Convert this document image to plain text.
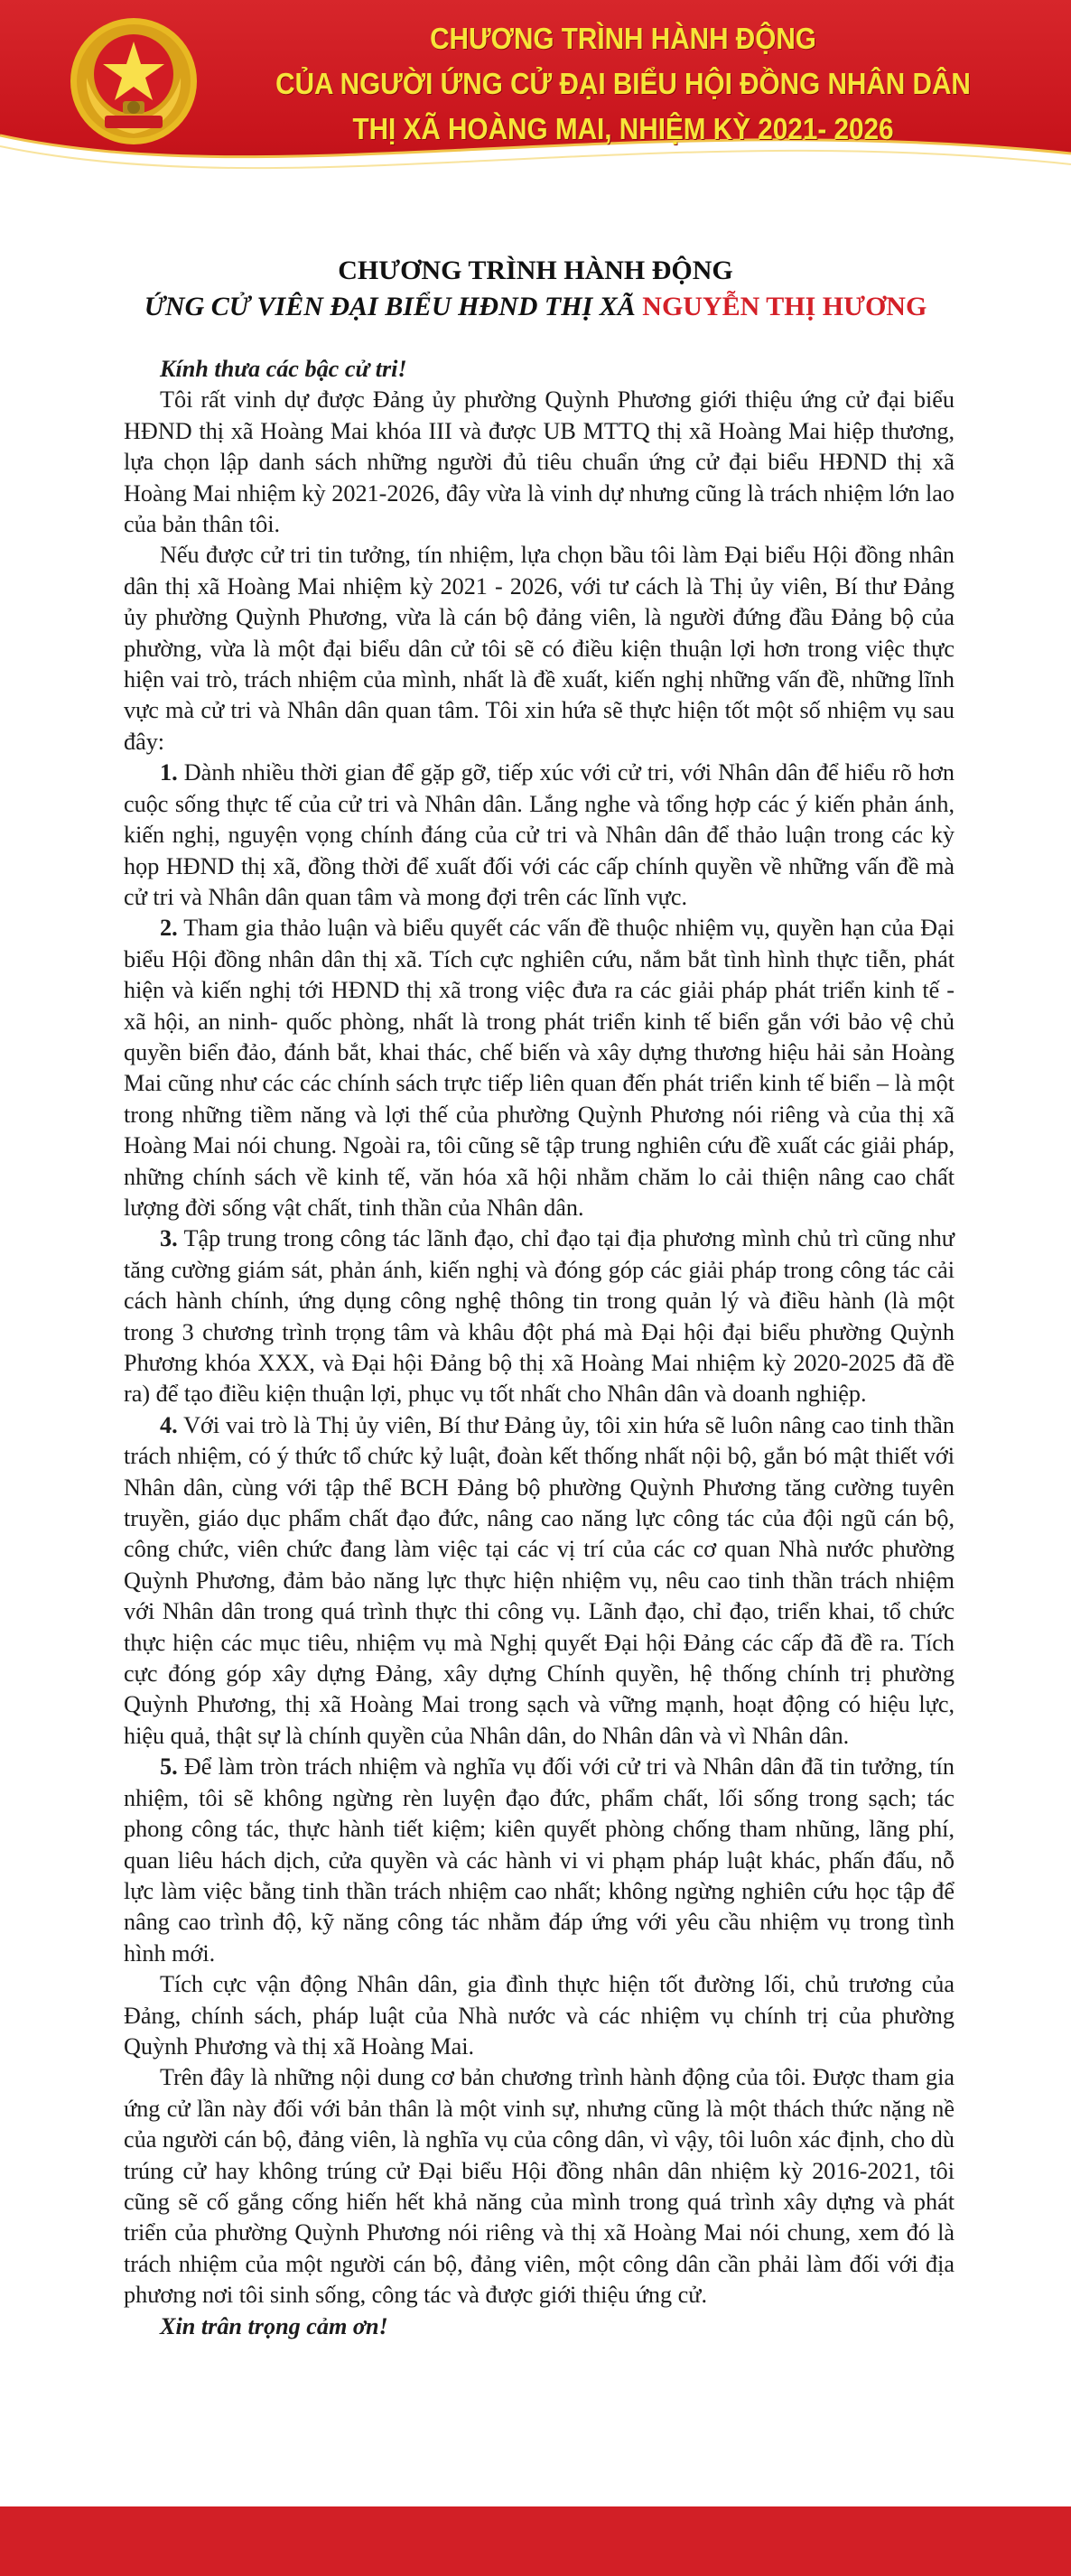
CHƯƠNG TRÌNH HÀNH ĐỘNG
CỦA NGƯỜI ỨNG CỬ ĐẠI BIỂU HỘI ĐỒNG NHÂN DÂN
THỊ XÃ HOÀNG MAI, NHIỆM KỲ 2021- 2026
CHƯƠNG TRÌNH HÀNH ĐỘNG
ỨNG CỬ VIÊN ĐẠI BIỂU HĐND THỊ XÃ NGUYỄN THỊ HƯƠNG

Kính thưa các bậc cử tri!

Tôi rất vinh dự được Đảng ủy phường Quỳnh Phương giới thiệu ứng cử đại biểu HĐND thị xã Hoàng Mai khóa III và được UB MTTQ thị xã Hoàng Mai hiệp thương, lựa chọn lập danh sách những người đủ tiêu chuẩn ứng cử đại biểu HĐND thị xã Hoàng Mai nhiệm kỳ 2021-2026, đây vừa là vinh dự nhưng cũng là trách nhiệm lớn lao của bản thân tôi.

Nếu được cử tri tin tưởng, tín nhiệm, lựa chọn bầu tôi làm Đại biểu Hội đồng nhân dân thị xã Hoàng Mai nhiệm kỳ 2021 - 2026, với tư cách là Thị ủy viên, Bí thư Đảng ủy phường Quỳnh Phương, vừa là cán bộ đảng viên, là người đứng đầu Đảng bộ của phường, vừa là một đại biểu dân cử tôi sẽ có điều kiện thuận lợi hơn trong việc thực hiện vai trò, trách nhiệm của mình, nhất là đề xuất, kiến nghị những vấn đề, những lĩnh vực mà cử tri và Nhân dân quan tâm. Tôi xin hứa sẽ thực hiện tốt một số nhiệm vụ sau đây:

1. Dành nhiều thời gian để gặp gỡ, tiếp xúc với cử tri, với Nhân dân để hiểu rõ hơn cuộc sống thực tế của cử tri và Nhân dân. Lắng nghe và tổng hợp các ý kiến phản ánh, kiến nghị, nguyện vọng chính đáng của cử tri và Nhân dân để thảo luận trong các kỳ họp HĐND thị xã, đồng thời để xuất đối với các cấp chính quyền về những vấn đề mà cử tri và Nhân dân quan tâm và mong đợi trên các lĩnh vực.

2. Tham gia thảo luận và biểu quyết các vấn đề thuộc nhiệm vụ, quyền hạn của Đại biểu Hội đồng nhân dân thị xã. Tích cực nghiên cứu, nắm bắt tình hình thực tiễn, phát hiện và kiến nghị tới HĐND thị xã trong việc đưa ra các giải pháp phát triển kinh tế - xã hội, an ninh- quốc phòng, nhất là trong phát triển kinh tế biển gắn với bảo vệ chủ quyền biển đảo, đánh bắt, khai thác, chế biến và xây dựng thương hiệu hải sản Hoàng Mai cũng như các các chính sách trực tiếp liên quan đến phát triển kinh tế biển – là một trong những tiềm năng và lợi thế của phường Quỳnh Phương nói riêng và của thị xã Hoàng Mai nói chung. Ngoài ra, tôi cũng sẽ tập trung nghiên cứu đề xuất các giải pháp, những chính sách về kinh tế, văn hóa xã hội nhằm chăm lo cải thiện nâng cao chất lượng đời sống vật chất, tinh thần của Nhân dân.

3. Tập trung trong công tác lãnh đạo, chỉ đạo tại địa phương mình chủ trì cũng như tăng cường giám sát, phản ánh, kiến nghị và đóng góp các giải pháp trong công tác cải cách hành chính, ứng dụng công nghệ thông tin trong quản lý và điều hành (là một trong 3 chương trình trọng tâm và khâu đột phá mà Đại hội đại biểu phường Quỳnh Phương khóa XXX, và Đại hội Đảng bộ thị xã Hoàng Mai nhiệm kỳ 2020-2025 đã đề ra) để tạo điều kiện thuận lợi, phục vụ tốt nhất cho Nhân dân và doanh nghiệp.

4. Với vai trò là Thị ủy viên, Bí thư Đảng ủy, tôi xin hứa sẽ luôn nâng cao tinh thần trách nhiệm, có ý thức tổ chức kỷ luật, đoàn kết thống nhất nội bộ, gắn bó mật thiết với Nhân dân, cùng với tập thể BCH Đảng bộ phường Quỳnh Phương tăng cường tuyên truyền, giáo dục phẩm chất đạo đức, nâng cao năng lực công tác của đội ngũ cán bộ, công chức, viên chức đang làm việc tại các vị trí của các cơ quan Nhà nước phường Quỳnh Phương, đảm bảo năng lực thực hiện nhiệm vụ, nêu cao tinh thần trách nhiệm với Nhân dân trong quá trình thực thi công vụ. Lãnh đạo, chỉ đạo, triển khai, tổ chức thực hiện các mục tiêu, nhiệm vụ mà Nghị quyết Đại hội Đảng các cấp đã đề ra. Tích cực đóng góp xây dựng Đảng, xây dựng Chính quyền, hệ thống chính trị phường Quỳnh Phương, thị xã Hoàng Mai trong sạch và vững mạnh, hoạt động có hiệu lực, hiệu quả, thật sự là chính quyền của Nhân dân, do Nhân dân và vì Nhân dân.

5. Để làm tròn trách nhiệm và nghĩa vụ đối với cử tri và Nhân dân đã tin tưởng, tín nhiệm, tôi sẽ không ngừng rèn luyện đạo đức, phẩm chất, lối sống trong sạch; tác phong công tác, thực hành tiết kiệm; kiên quyết phòng chống tham nhũng, lãng phí, quan liêu hách dịch, cửa quyền và các hành vi vi phạm pháp luật khác, phấn đấu, nỗ lực làm việc bằng tinh thần trách nhiệm cao nhất; không ngừng nghiên cứu học tập để nâng cao trình độ, kỹ năng công tác nhằm đáp ứng với yêu cầu nhiệm vụ trong tình hình mới.

Tích cực vận động Nhân dân, gia đình thực hiện tốt đường lối, chủ trương của Đảng, chính sách, pháp luật của Nhà nước và các nhiệm vụ chính trị của phường Quỳnh Phương và thị xã Hoàng Mai.

Trên đây là những nội dung cơ bản chương trình hành động của tôi. Được tham gia ứng cử lần này đối với bản thân là một vinh sự, nhưng cũng là một thách thức nặng nề của người cán bộ, đảng viên, là nghĩa vụ của công dân, vì vậy, tôi luôn xác định, cho dù trúng cử hay không trúng cử Đại biểu Hội đồng nhân dân nhiệm kỳ 2016-2021, tôi cũng sẽ cố gắng cống hiến hết khả năng của mình trong quá trình xây dựng và phát triển của phường Quỳnh Phương nói riêng và thị xã Hoàng Mai nói chung, xem đó là trách nhiệm của một người cán bộ, đảng viên, một công dân cần phải làm đối với địa phương nơi tôi sinh sống, công tác và được giới thiệu ứng cử.

Xin trân trọng cảm ơn!
